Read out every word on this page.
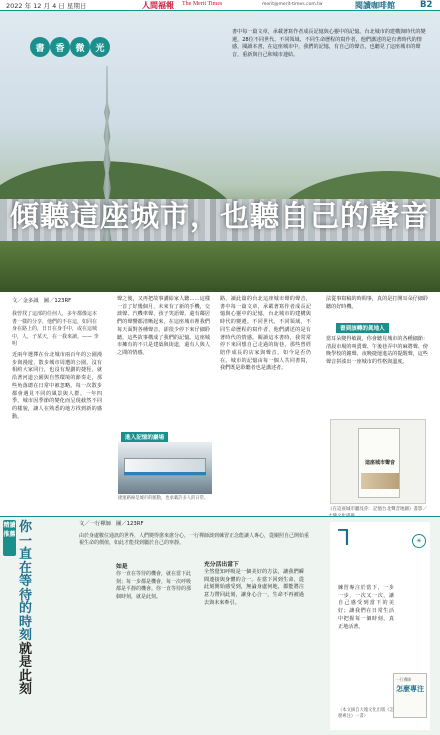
2022 年 12 月 4 日 星期日	人間福報 The Merit Times	merit@merit-times.com.tw	閱讀咖啡館	B2
書	香	微	光
書中每一篇文章，承載著寫作者成長記憶與心靈中的記憶。台北城市的建構與時代的變遷，28位不同世代、不同領域、不同生命歷程的寫作者，他們講述的是有著時代的情感，閱讀本書，在這座城市中，我們的記憶，有自己的聲音，也聽見了這座城市的聲音，重新與自己和城市連結。
傾聽這座城市，也聽自己的聲音
文／金多誠　圖／123RF
我曾找了這部的任何人，多年都像這本書一樣的分享，他們的不在這，如同在身在路上的，日日在身手中，或在這城中，人，子某天，在一我來讀。—— 李明
近兩年選擇在台北城市兩百年的公園漫步與漫遊，散步城市周遭的公園，沒有相約大家同行，也沒有規劃的捷徑，就沿著河道公園與自然環境的節奏走，那些角落總在日常中被忽略。每一次散步都會遇見不同的風景與人群。一年四季，城市因季節的變化而呈現截然不同的樣貌，讓人在熟悉的地方找到新的感動。
聲之後，又再把故事講給家人聽……這樣一首了好幾個月，未來有了新的手機，交談聲、汽機車聲、孩子笑語聲，還有鄰居們的聲響都清晰起來，在這座城市裡我們每天面對各種聲音，卻很少停下來仔細聆聽。這些故事構成了我們的記憶。這座城市擁有的不只是建築與街道，還有人與人之間的情感。
進入記憶的巖場
捷運路線是城市的脈動，也承載許多人的日常。
路，讀此篇的台北這座城市聲的聲音，書中每一篇文章，承載著寫作者成長記憶與心靈中的記憶，台北城市的建構與時代的變遷。不同世代，不同領域，不同生命歷程的寫作者，他們講述的是有著時代的情感。閱讀這本書時，我常常停下來回想自己走過的街巷，那些曾經陪伴成長的店家與聲音，如今是否仍在。城市的記憶由每一個人共同書寫，我們既是聆聽者也是講述者。
法從事寫稿的時間事，真的是打開耳朵仔細聆聽的好時機。
書到該轉的眞地人
當耳朵變得敏銳，你會聽見城市的各種細節：清晨市場的叫賣聲、午後巷弄中的麻將聲、傍晚學校的鐘聲、夜晚捷運進站的提醒聲，這些聲音拼湊出一座城市的性格與溫度。
這座城市聲音
《在這座城市聽見你：記憶台北聲音地圖》書影／
精讀推薦 你一直在等待的時刻就是此刻
文／一行禪師　圖／123RF
由於身處數位通訊的世界，人們變得愈來愈分心，一行禪師談到練習正念能讓人專心，從關照自己開始重視生命的價值，如此才能找到屬於自己的寧靜。
如是
你一直在等待的機會，就在當下此刻；每一步都是機會，每一次呼吸都是平靜的機會。你一直等待的那個時刻，就是此刻。
充分活出當下
全然覺知呼吸是一個美好的方法，讓我們瞬間連接與身體的合一。在當下回到生命，從此刻開始感受到，無論身處何地，都能將注意力帶回此刻，讓身心合一，生命不再被過去與未來牽引。
ꓶ	☀
練習專注於當下，一步一步，一次又一次，讓自己感受到當下的美好；讓我們在日常生活中把握每一個時刻，真正地活著。
一行禪師
怎麼專注
（本文摘自大塊文化出版《怎麼專注》一書）
